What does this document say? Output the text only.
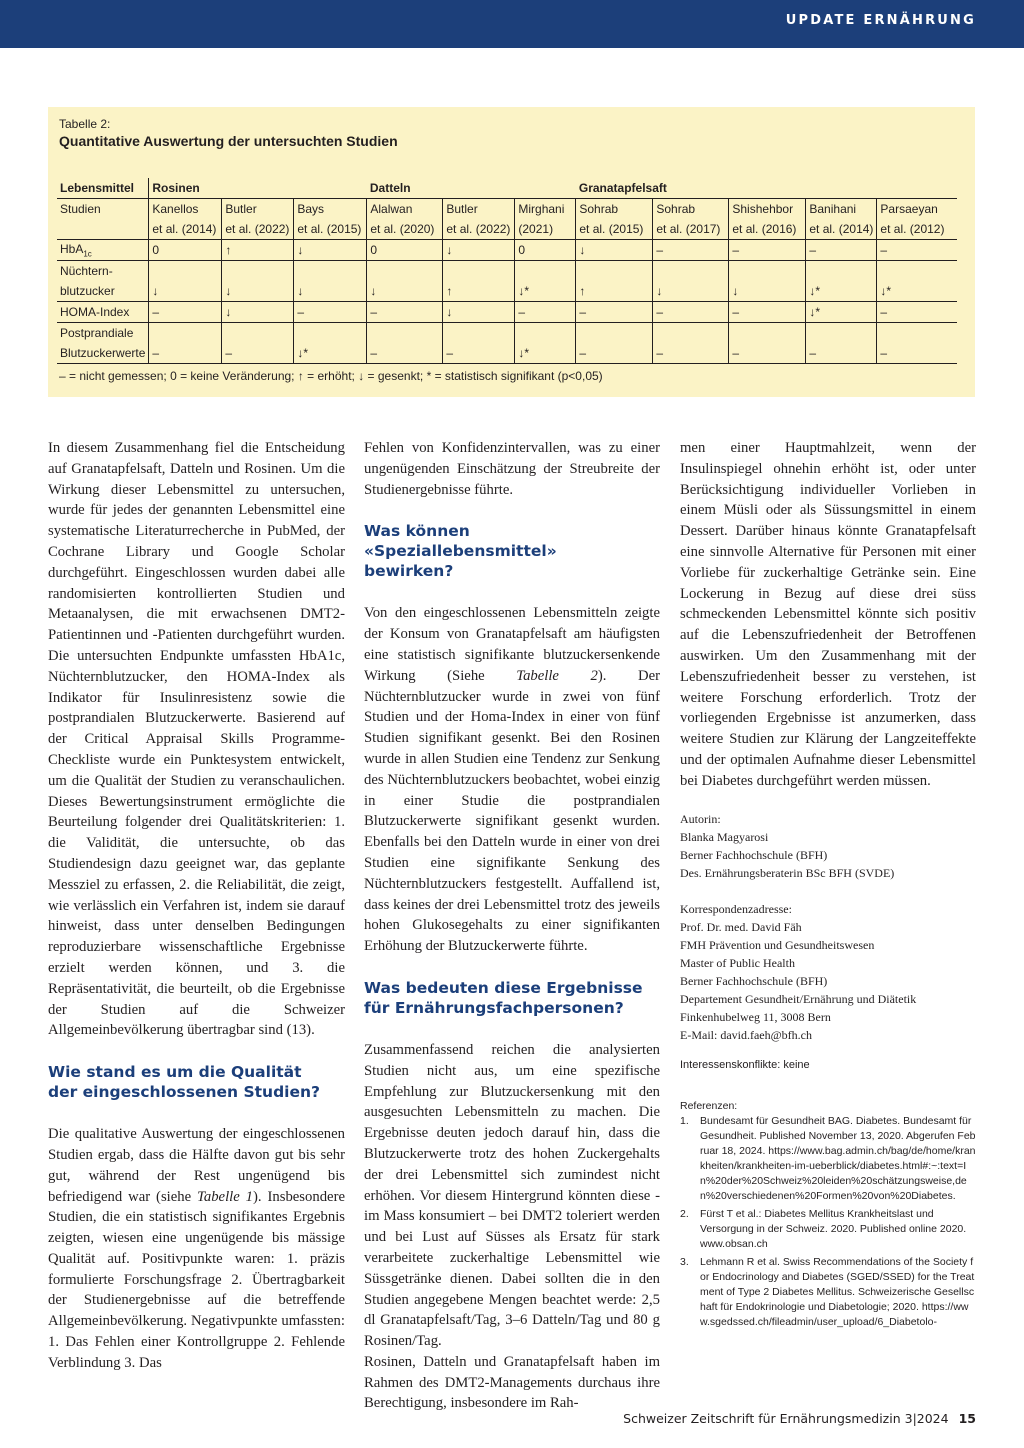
UPDATE ERNÄHRUNG
Tabelle 2:
Quantitative Auswertung der untersuchten Studien
Lebensmittel	Rosinen			Datteln			Granatapfelsaft				
Studien	Kanellos	Butler	Bays	Alalwan	Butler	Mirghani	Sohrab	Sohrab	Shishehbor	Banihani	Parsaeyan
	et al. (2014)	et al. (2022)	et al. (2015)	et al. (2020)	et al. (2022)	(2021)	et al. (2015)	et al. (2017)	et al. (2016)	et al. (2014)	et al. (2012)
HbA$_{1c}$	0	↑	↓	0	↓	0	↓	–	–	–	–
Nüchtern-											
blutzucker	↓	↓	↓	↓	↑	↓*	↑	↓	↓	↓*	↓*
HOMA-Index	–	↓	–	–	↓	–	–	–	–	↓*	–
Postprandiale											
Blutzuckerwerte	–	–	↓*	–	–	↓*	–	–	–	–	–
– = nicht gemessen; 0 = keine Veränderung; ↑ = erhöht; ↓ = gesenkt; * = statistisch signifikant (p<0,05)

In diesem Zusammenhang fiel die Entscheidung auf Granatapfelsaft, Datteln und Rosinen. Um die Wirkung dieser Lebensmittel zu untersuchen, wurde für jedes der genannten Lebensmittel eine systematische Literaturrecherche in PubMed, der Cochrane Library und Google Scholar durchgeführt. Eingeschlossen wurden dabei alle randomisierten kontrollierten Studien und Metaanalysen, die mit erwachsenen DMT2-Patientinnen und -Patienten durchgeführt wurden. Die untersuchten Endpunkte umfassten HbA1c, Nüchternblutzucker, den HOMA-Index als Indikator für Insulinresistenz sowie die postprandialen Blutzuckerwerte. Basierend auf der Critical Appraisal Skills Programme-Checkliste wurde ein Punktesystem entwickelt, um die Qualität der Studien zu veranschaulichen. Dieses Bewertungsinstrument ermöglichte die Beurteilung folgender drei Qualitätskriterien: 1. die Validität, die untersuchte, ob das Studiendesign dazu geeignet war, das geplante Messziel zu erfassen, 2. die Reliabilität, die zeigt, wie verlässlich ein Verfahren ist, indem sie darauf hinweist, dass unter denselben Bedingungen reproduzierbare wissenschaftliche Ergebnisse erzielt werden können, und 3. die Repräsentativität, die beurteilt, ob die Ergebnisse der Studien auf die Schweizer Allgemeinbevölkerung übertragbar sind (13).

Wie stand es um die Qualität
der eingeschlossenen Studien?

Die qualitative Auswertung der eingeschlossenen Studien ergab, dass die Hälfte davon gut bis sehr gut, während der Rest ungenügend bis befriedigend war (siehe Tabelle 1). Insbesondere Studien, die ein statistisch signifikantes Ergebnis zeigten, wiesen eine ungenügende bis mässige Qualität auf. Positivpunkte waren: 1. präzis formulierte Forschungsfrage 2. Übertragbarkeit der Studienergebnisse auf die betreffende Allgemeinbevölkerung. Negativpunkte umfassten: 1. Das Fehlen einer Kontrollgruppe 2. Fehlende Verblindung 3. Das

Fehlen von Konfidenzintervallen, was zu einer ungenügenden Einschätzung der Streubreite der Studienergebnisse führte.

Was können «Speziallebensmittel»
bewirken?

Von den eingeschlossenen Lebensmitteln zeigte der Konsum von Granatapfelsaft am häufigsten eine statistisch signifikante blutzuckersenkende Wirkung (Siehe Tabelle 2). Der Nüchternblutzucker wurde in zwei von fünf Studien und der Homa-Index in einer von fünf Studien signifikant gesenkt. Bei den Rosinen wurde in allen Studien eine Tendenz zur Senkung des Nüchternblutzuckers beobachtet, wobei einzig in einer Studie die postprandialen Blutzuckerwerte signifikant gesenkt wurden. Ebenfalls bei den Datteln wurde in einer von drei Studien eine signifikante Senkung des Nüchternblutzuckers festgestellt. Auffallend ist, dass keines der drei Lebensmittel trotz des jeweils hohen Glukosegehalts zu einer signifikanten Erhöhung der Blutzuckerwerte führte.

Was bedeuten diese Ergebnisse
für Ernährungsfachpersonen?

Zusammenfassend reichen die analysierten Studien nicht aus, um eine spezifische Empfehlung zur Blutzuckersenkung mit den ausgesuchten Lebensmitteln zu machen. Die Ergebnisse deuten jedoch darauf hin, dass die Blutzuckerwerte trotz des hohen Zuckergehalts der drei Lebensmittel sich zumindest nicht erhöhen. Vor diesem Hintergrund könnten diese - im Mass konsumiert – bei DMT2 toleriert werden und bei Lust auf Süsses als Ersatz für stark verarbeitete zuckerhaltige Lebensmittel wie Süssgetränke dienen. Dabei sollten die in den Studien angegebene Mengen beachtet werde: 2,5 dl Granatapfelsaft/Tag, 3–6 Datteln/Tag und 80 g Rosinen/Tag.

Rosinen, Datteln und Granatapfelsaft haben im Rahmen des DMT2-Managements durchaus ihre Berechtigung, insbesondere im Rah-

men einer Hauptmahlzeit, wenn der Insulinspiegel ohnehin erhöht ist, oder unter Berücksichtigung individueller Vorlieben in einem Müsli oder als Süssungsmittel in einem Dessert. Darüber hinaus könnte Granatapfelsaft eine sinnvolle Alternative für Personen mit einer Vorliebe für zuckerhaltige Getränke sein. Eine Lockerung in Bezug auf diese drei süss schmeckenden Lebensmittel könnte sich positiv auf die Lebenszufriedenheit der Betroffenen auswirken. Um den Zusammenhang mit der Lebenszufriedenheit besser zu verstehen, ist weitere Forschung erforderlich. Trotz der vorliegenden Ergebnisse ist anzumerken, dass weitere Studien zur Klärung der Langzeiteffekte und der optimalen Aufnahme dieser Lebensmittel bei Diabetes durchgeführt werden müssen.

Autorin:
Blanka Magyarosi
Berner Fachhochschule (BFH)
Des. Ernährungsberaterin BSc BFH (SVDE)
Korrespondenzadresse:
Prof. Dr. med. David Fäh
FMH Prävention und Gesundheitswesen
Master of Public Health
Berner Fachhochschule (BFH)
Departement Gesundheit/Ernährung und Diätetik
Finkenhubelweg 11, 3008 Bern
E-Mail: david.faeh@bfh.ch
Interessenskonflikte: keine
Referenzen:
1.	Bundesamt für Gesundheit BAG. Diabetes. Bundesamt für Gesundheit. Published November 13, 2020. Abgerufen Februar 18, 2024. https://www.bag.admin.ch/bag/de/home/krankheiten/krankheiten-im-ueberblick/diabetes.html#:~:text=In%20der%20Schweiz%20leiden%20schätzungsweise,den%20verschiedenen%20Formen%20von%20Diabetes.
2.	Fürst T et al.: Diabetes Mellitus Krankheitslast und Versorgung in der Schweiz. 2020. Published online 2020. www.obsan.ch
3.	Lehmann R et al. Swiss Recommendations of the Society for Endocrinology and Diabetes (SGED/SSED) for the Treatment of Type 2 Diabetes Mellitus. Schweizerische Gesellschaft für Endokrinologie und Diabetologie; 2020. https://www.sgedssed.ch/fileadmin/user_upload/6_Diabetolo-
Schweizer Zeitschrift für Ernährungsmedizin 3|2024 15
